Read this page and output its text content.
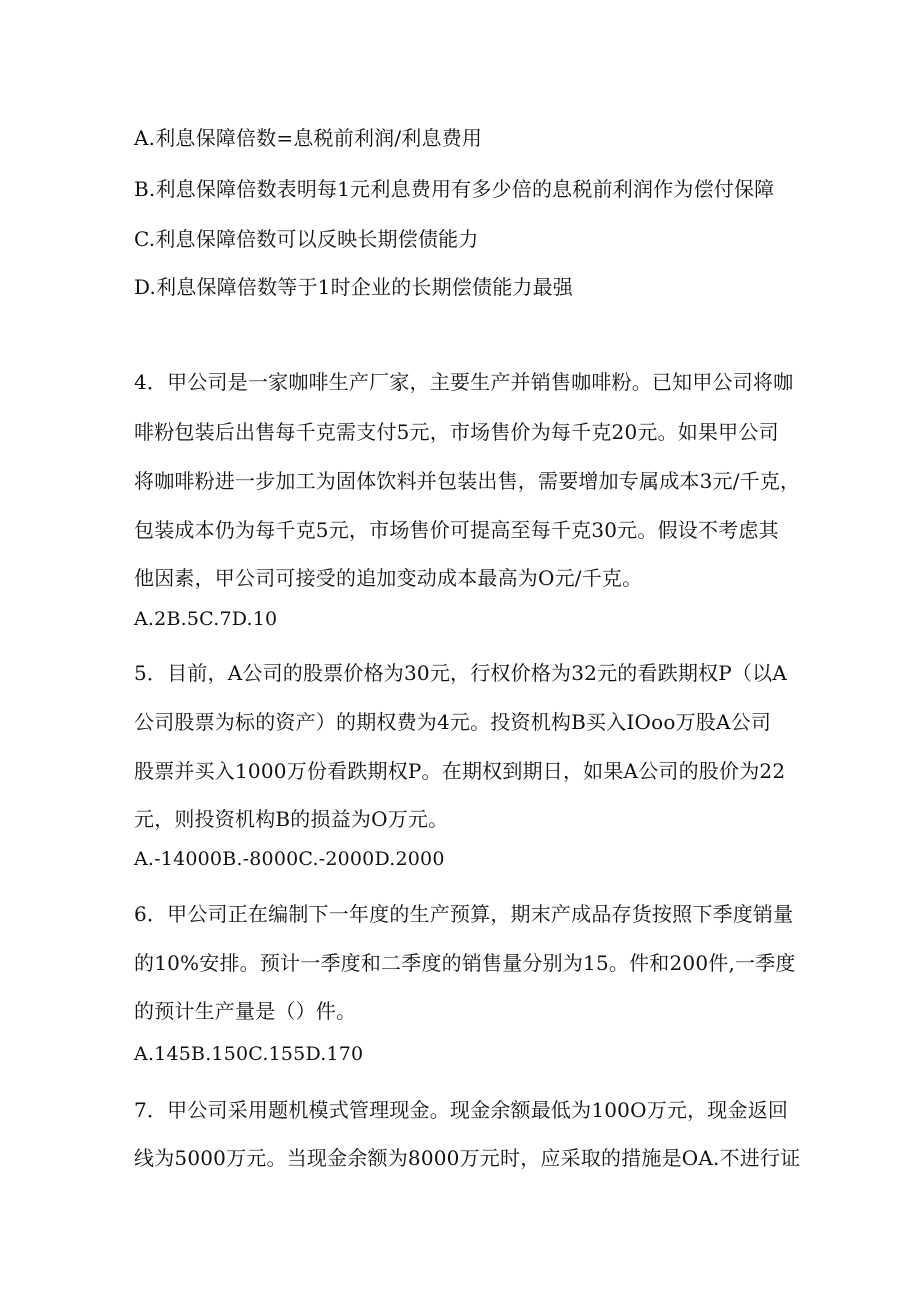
A.利息保障倍数=息税前利润/利息费用
B.利息保障倍数表明每1元利息费用有多少倍的息税前利润作为偿付保障
C.利息保障倍数可以反映长期偿债能力
D.利息保障倍数等于1时企业的长期偿债能力最强
4．甲公司是一家咖啡生产厂家，主要生产并销售咖啡粉。已知甲公司将咖
啡粉包装后出售每千克需支付5元，市场售价为每千克20元。如果甲公司
将咖啡粉进一步加工为固体饮料并包装出售，需要增加专属成本3元/千克，
包装成本仍为每千克5元，市场售价可提高至每千克30元。假设不考虑其
他因素，甲公司可接受的追加变动成本最高为O元/千克。
A.2B.5C.7D.10
5．目前，A公司的股票价格为30元，行权价格为32元的看跌期权P（以A
公司股票为标的资产）的期权费为4元。投资机构B买入IOoo万股A公司
股票并买入1000万份看跌期权P。在期权到期日，如果A公司的股价为22
元，则投资机构B的损益为O万元。
A.-14000B.-8000C.-2000D.2000
6．甲公司正在编制下一年度的生产预算，期末产成品存货按照下季度销量
的10%安排。预计一季度和二季度的销售量分别为15。件和200件,一季度
的预计生产量是（）件。
A.145B.150C.155D.170
7．甲公司采用题机模式管理现金。现金余额最低为100O万元，现金返回
线为5000万元。当现金余额为8000万元时，应采取的措施是OA.不进行证
